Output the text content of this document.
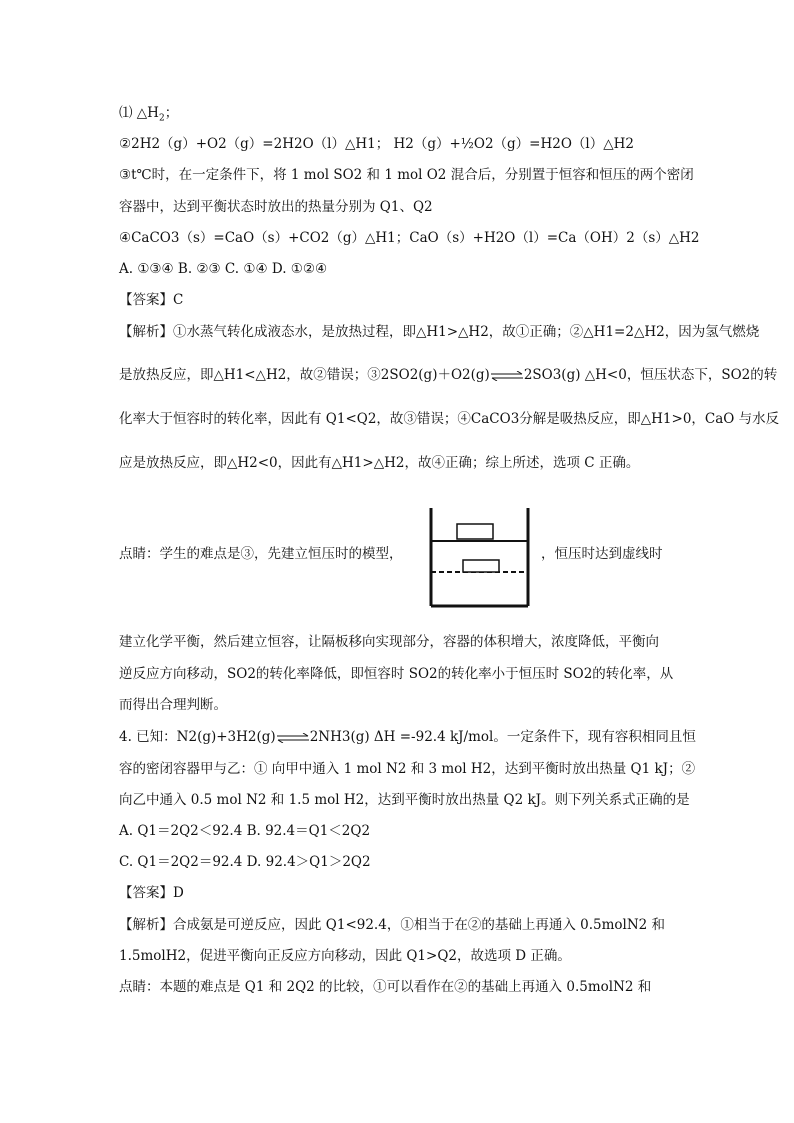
⑴ $\triangle H_2$；
②2H2（g）+O2（g）=2H2O（l）△H1； H2（g）+½O2（g）=H2O（l）△H2
③t℃时，在一定条件下，将 1 mol SO2 和 1 mol O2 混合后，分别置于恒容和恒压的两个密闭
容器中，达到平衡状态时放出的热量分别为 Q1、Q2
④CaCO3（s）=CaO（s）+CO2（g）△H1；CaO（s）+H2O（l）=Ca（OH）2（s）△H2
A. ①③④ B. ②③ C. ①④ D. ①②④
【答案】C
【解析】①水蒸气转化成液态水，是放热过程，即△H1>△H2，故①正确；②△H1=2△H2，因为氢气燃烧
是放热反应，即△H1<△H2，故②错误；③2SO2(g)＋O2(g)⇌2SO3(g) △H<0，恒压状态下，SO2的转
化率大于恒容时的转化率，因此有 Q1<Q2，故③错误；④CaCO3分解是吸热反应，即△H1>0，CaO 与水反
应是放热反应，即△H2<0，因此有△H1>△H2，故④正确；综上所述，选项 C 正确。
点睛：学生的难点是③，先建立恒压时的模型，	，恒压时达到虚线时
建立化学平衡，然后建立恒容，让隔板移向实现部分，容器的体积增大，浓度降低，平衡向
逆反应方向移动，SO2的转化率降低，即恒容时 SO2的转化率小于恒压时 SO2的转化率，从
而得出合理判断。
4. 已知：N2(g)+3H2(g)⇌2NH3(g) ΔH =-92.4 kJ/mol。一定条件下，现有容积相同且恒
容的密闭容器甲与乙：① 向甲中通入 1 mol N2 和 3 mol H2，达到平衡时放出热量 Q1 kJ；②
向乙中通入 0.5 mol N2 和 1.5 mol H2，达到平衡时放出热量 Q2 kJ。则下列关系式正确的是
A. Q1＝2Q2＜92.4 B. 92.4＝Q1＜2Q2
C. Q1＝2Q2＝92.4 D. 92.4＞Q1＞2Q2
【答案】D
【解析】合成氨是可逆反应，因此 Q1<92.4，①相当于在②的基础上再通入 0.5molN2 和
1.5molH2，促进平衡向正反应方向移动，因此 Q1>Q2，故选项 D 正确。
点睛：本题的难点是 Q1 和 2Q2 的比较，①可以看作在②的基础上再通入 0.5molN2 和
